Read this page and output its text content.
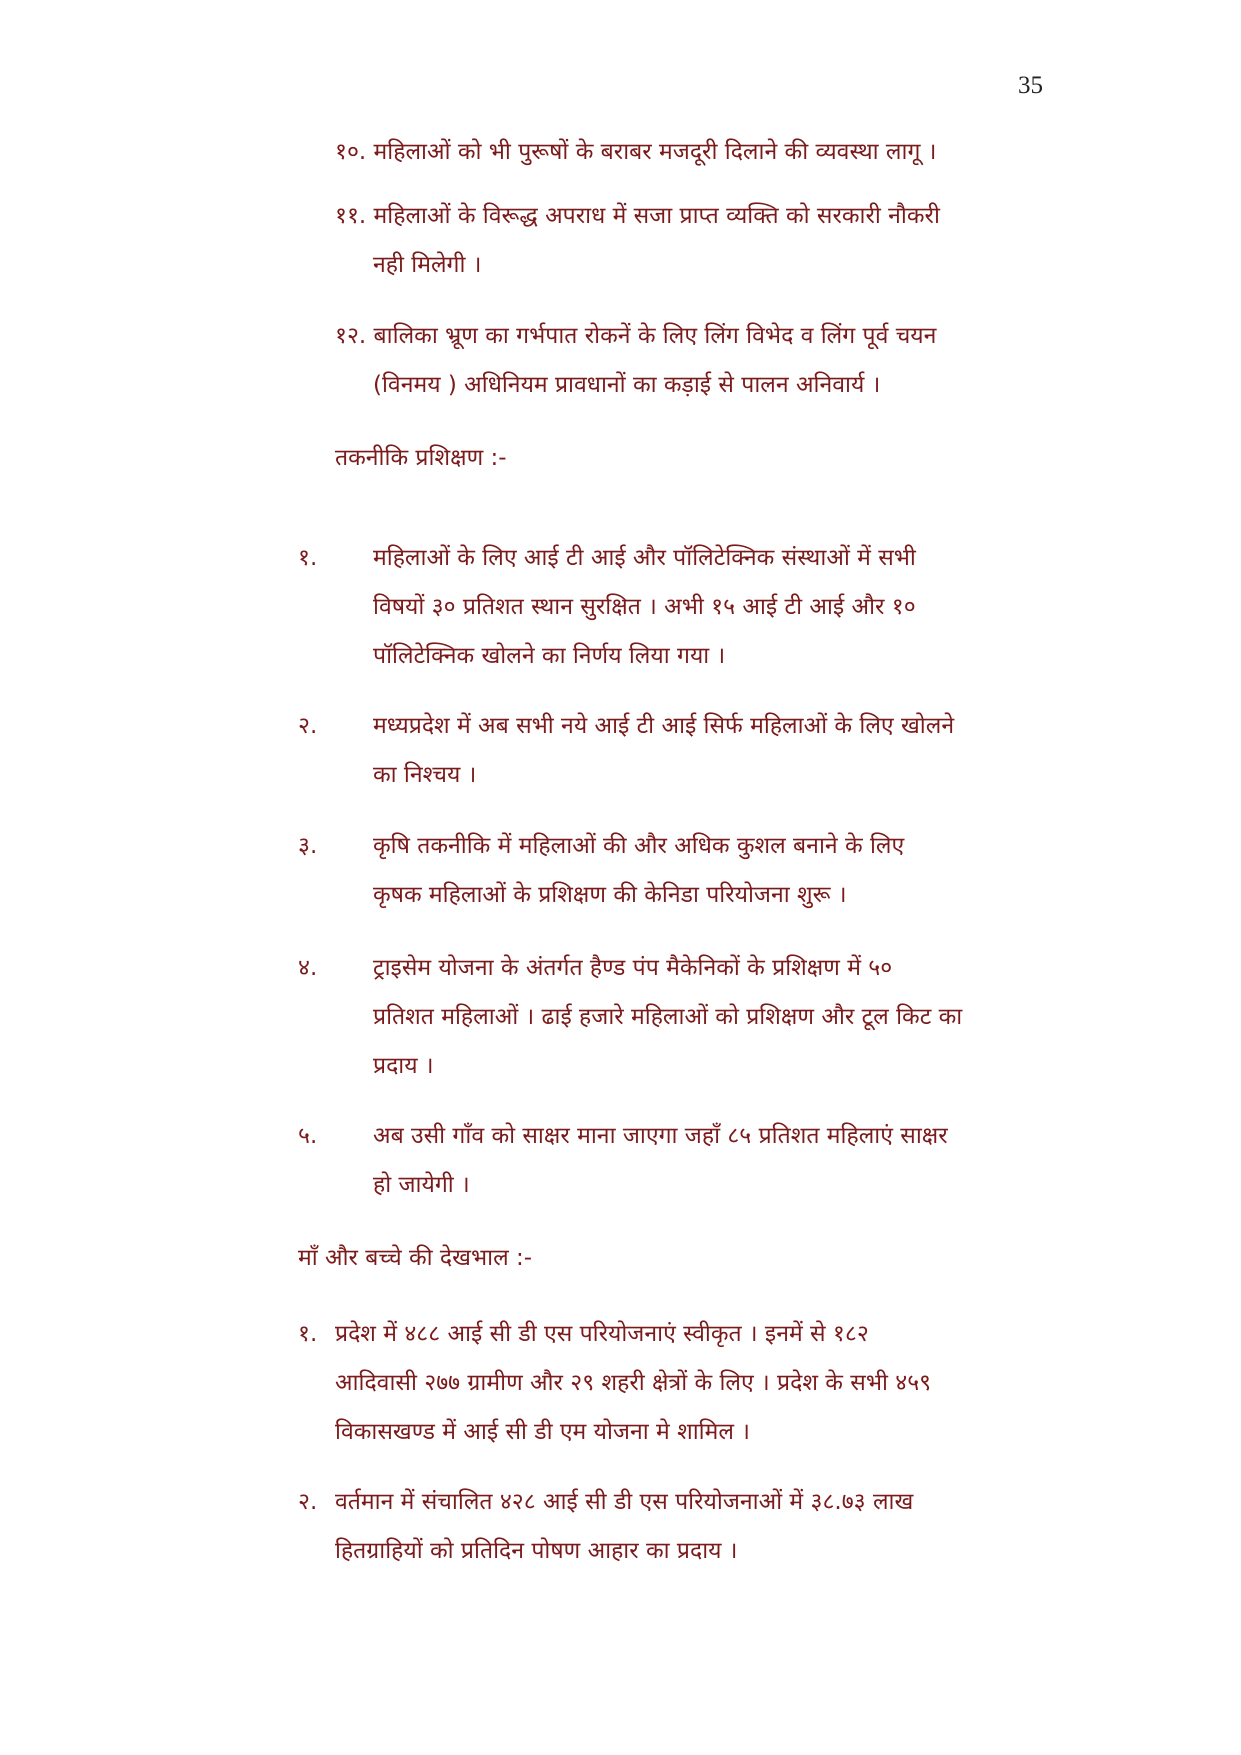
35
१०. महिलाओं को भी पुरूषों के बराबर मजदूरी दिलाने की व्यवस्था लागू ।
११. महिलाओं के विरूद्ध अपराध में सजा प्राप्त व्यक्ति को सरकारी नौकरी
नही मिलेगी ।
१२. बालिका भ्रूण का गर्भपात रोकनें के लिए लिंग विभेद व लिंग पूर्व चयन
(विनमय ) अधिनियम प्रावधानों का कड़ाई से पालन अनिवार्य ।
तकनीकि प्रशिक्षण :-
१. महिलाओं के लिए आई टी आई और पॉलिटेक्निक संस्थाओं में सभी
विषयों ३० प्रतिशत स्थान सुरक्षित । अभी १५ आई टी आई और १०
पॉलिटेक्निक खोलने का निर्णय लिया गया ।
२. मध्यप्रदेश में अब सभी नये आई टी आई सिर्फ महिलाओं के लिए खोलने
का निश्चय ।
३. कृषि तकनीकि में महिलाओं की और अधिक कुशल बनाने के लिए
कृषक महिलाओं के प्रशिक्षण की केनिडा परियोजना शुरू ।
४. ट्राइसेम योजना के अंतर्गत हैण्ड पंप मैकेनिकों के प्रशिक्षण में ५०
प्रतिशत महिलाओं । ढाई हजारे महिलाओं को प्रशिक्षण और टूल किट का
प्रदाय ।
५. अब उसी गाँव को साक्षर माना जाएगा जहाँ ८५ प्रतिशत महिलाएं साक्षर
हो जायेगी ।
माँ और बच्चे की देखभाल :-
१. प्रदेश में ४८८ आई सी डी एस परियोजनाएं स्वीकृत । इनमें से १८२
आदिवासी २७७ ग्रामीण और २९ शहरी क्षेत्रों के लिए । प्रदेश के सभी ४५९
विकासखण्ड में आई सी डी एम योजना मे शामिल ।
२. वर्तमान में संचालित ४२८ आई सी डी एस परियोजनाओं में ३८.७३ लाख
हितग्राहियों को प्रतिदिन पोषण आहार का प्रदाय ।
